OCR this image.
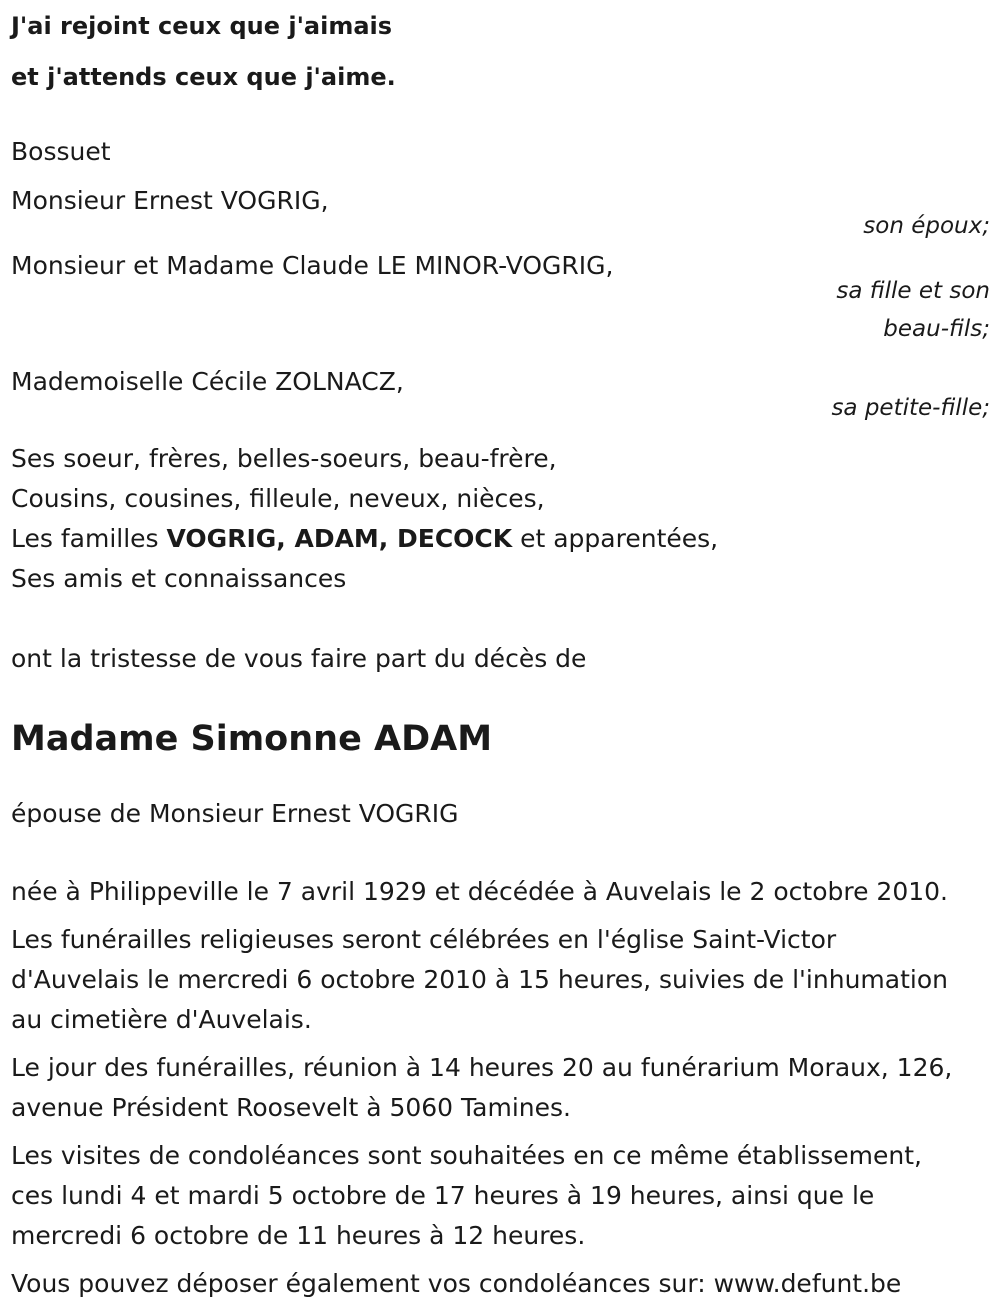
J'ai rejoint ceux que j'aimais
et j'attends ceux que j'aime.
Bossuet
Monsieur Ernest VOGRIG,
son époux;
Monsieur et Madame Claude LE MINOR-VOGRIG,
sa fille et son
beau-fils;
Mademoiselle Cécile ZOLNACZ,
sa petite-fille;
Ses soeur, frères, belles-soeurs, beau-frère,
Cousins, cousines, filleule, neveux, nièces,
Les familles VOGRIG, ADAM, DECOCK et apparentées,
Ses amis et connaissances
ont la tristesse de vous faire part du décès de
Madame Simonne ADAM
épouse de Monsieur Ernest VOGRIG
née à Philippeville le 7 avril 1929 et décédée à Auvelais le 2 octobre 2010.
Les funérailles religieuses seront célébrées en l'église Saint-Victor
d'Auvelais le mercredi 6 octobre 2010 à 15 heures, suivies de l'inhumation
au cimetière d'Auvelais.
Le jour des funérailles, réunion à 14 heures 20 au funérarium Moraux, 126,
avenue Président Roosevelt à 5060 Tamines.
Les visites de condoléances sont souhaitées en ce même établissement,
ces lundi 4 et mardi 5 octobre de 17 heures à 19 heures, ainsi que le
mercredi 6 octobre de 11 heures à 12 heures.
Vous pouvez déposer également vos condoléances sur: www.defunt.be
